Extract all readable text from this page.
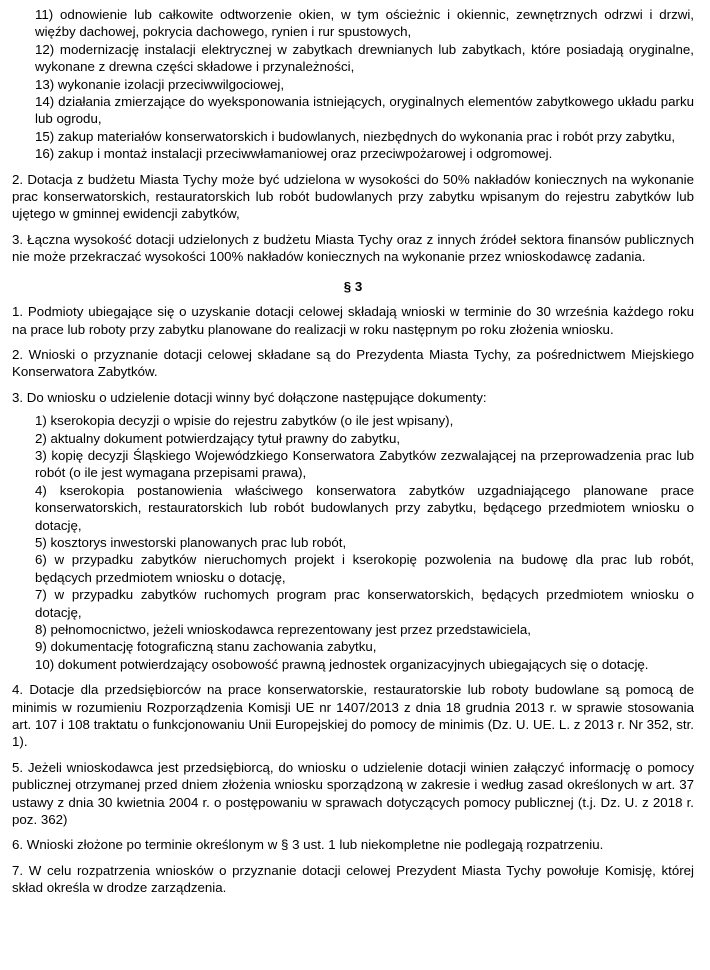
11) odnowienie lub całkowite odtworzenie okien, w tym ościeżnic i okiennic, zewnętrznych odrzwi i drzwi, więźby dachowej, pokrycia dachowego, rynien i rur spustowych,

12) modernizację instalacji elektrycznej w zabytkach drewnianych lub zabytkach, które posiadają oryginalne, wykonane z drewna części składowe i przynależności,

13) wykonanie izolacji przeciwwilgociowej,

14) działania zmierzające do wyeksponowania istniejących, oryginalnych elementów zabytkowego układu parku lub ogrodu,

15) zakup materiałów konserwatorskich i budowlanych, niezbędnych do wykonania prac i robót przy zabytku,

16) zakup i montaż instalacji przeciwwłamaniowej oraz przeciwpożarowej i odgromowej.

2. Dotacja z budżetu Miasta Tychy może być udzielona w wysokości do 50% nakładów koniecznych na wykonanie prac konserwatorskich, restauratorskich lub robót budowlanych przy zabytku wpisanym do rejestru zabytków lub ujętego w gminnej ewidencji zabytków,

3. Łączna wysokość dotacji udzielonych z budżetu Miasta Tychy oraz z innych źródeł sektora finansów publicznych nie może przekraczać wysokości 100% nakładów koniecznych na wykonanie przez wnioskodawcę zadania.

§ 3

1. Podmioty ubiegające się o uzyskanie dotacji celowej składają wnioski w terminie do 30 września każdego roku na prace lub roboty przy zabytku planowane do realizacji w roku następnym po roku złożenia wniosku.

2. Wnioski o przyznanie dotacji celowej składane są do Prezydenta Miasta Tychy, za pośrednictwem Miejskiego Konserwatora Zabytków.

3. Do wniosku o udzielenie dotacji winny być dołączone następujące dokumenty:

1) kserokopia decyzji o wpisie do rejestru zabytków (o ile jest wpisany),

2) aktualny dokument potwierdzający tytuł prawny do zabytku,

3) kopię decyzji Śląskiego Wojewódzkiego Konserwatora Zabytków zezwalającej na przeprowadzenia prac lub robót (o ile jest wymagana przepisami prawa),

4) kserokopia postanowienia właściwego konserwatora zabytków uzgadniającego planowane prace konserwatorskich, restauratorskich lub robót budowlanych przy zabytku, będącego przedmiotem wniosku o dotację,

5) kosztorys inwestorski planowanych prac lub robót,

6) w przypadku zabytków nieruchomych projekt i kserokopię pozwolenia na budowę dla prac lub robót, będących przedmiotem wniosku o dotację,

7) w przypadku zabytków ruchomych program prac konserwatorskich, będących przedmiotem wniosku o dotację,

8) pełnomocnictwo, jeżeli wnioskodawca reprezentowany jest przez przedstawiciela,

9) dokumentację fotograficzną stanu zachowania zabytku,

10) dokument potwierdzający osobowość prawną jednostek organizacyjnych ubiegających się o dotację.

4. Dotacje dla przedsiębiorców na prace konserwatorskie, restauratorskie lub roboty budowlane są pomocą de minimis w rozumieniu Rozporządzenia Komisji UE nr 1407/2013 z dnia 18 grudnia 2013 r. w sprawie stosowania art. 107 i 108 traktatu o funkcjonowaniu Unii Europejskiej do pomocy de minimis (Dz. U. UE. L. z 2013 r. Nr 352, str. 1).

5. Jeżeli wnioskodawca jest przedsiębiorcą, do wniosku o udzielenie dotacji winien załączyć informację o pomocy publicznej otrzymanej przed dniem złożenia wniosku sporządzoną w zakresie i według zasad określonych w art. 37 ustawy z dnia 30 kwietnia 2004 r. o postępowaniu w sprawach dotyczących pomocy publicznej (t.j. Dz. U. z 2018 r. poz. 362)

6. Wnioski złożone po terminie określonym w § 3 ust. 1 lub niekompletne nie podlegają rozpatrzeniu.

7. W celu rozpatrzenia wniosków o przyznanie dotacji celowej Prezydent Miasta Tychy powołuje Komisję, której skład określa w drodze zarządzenia.
